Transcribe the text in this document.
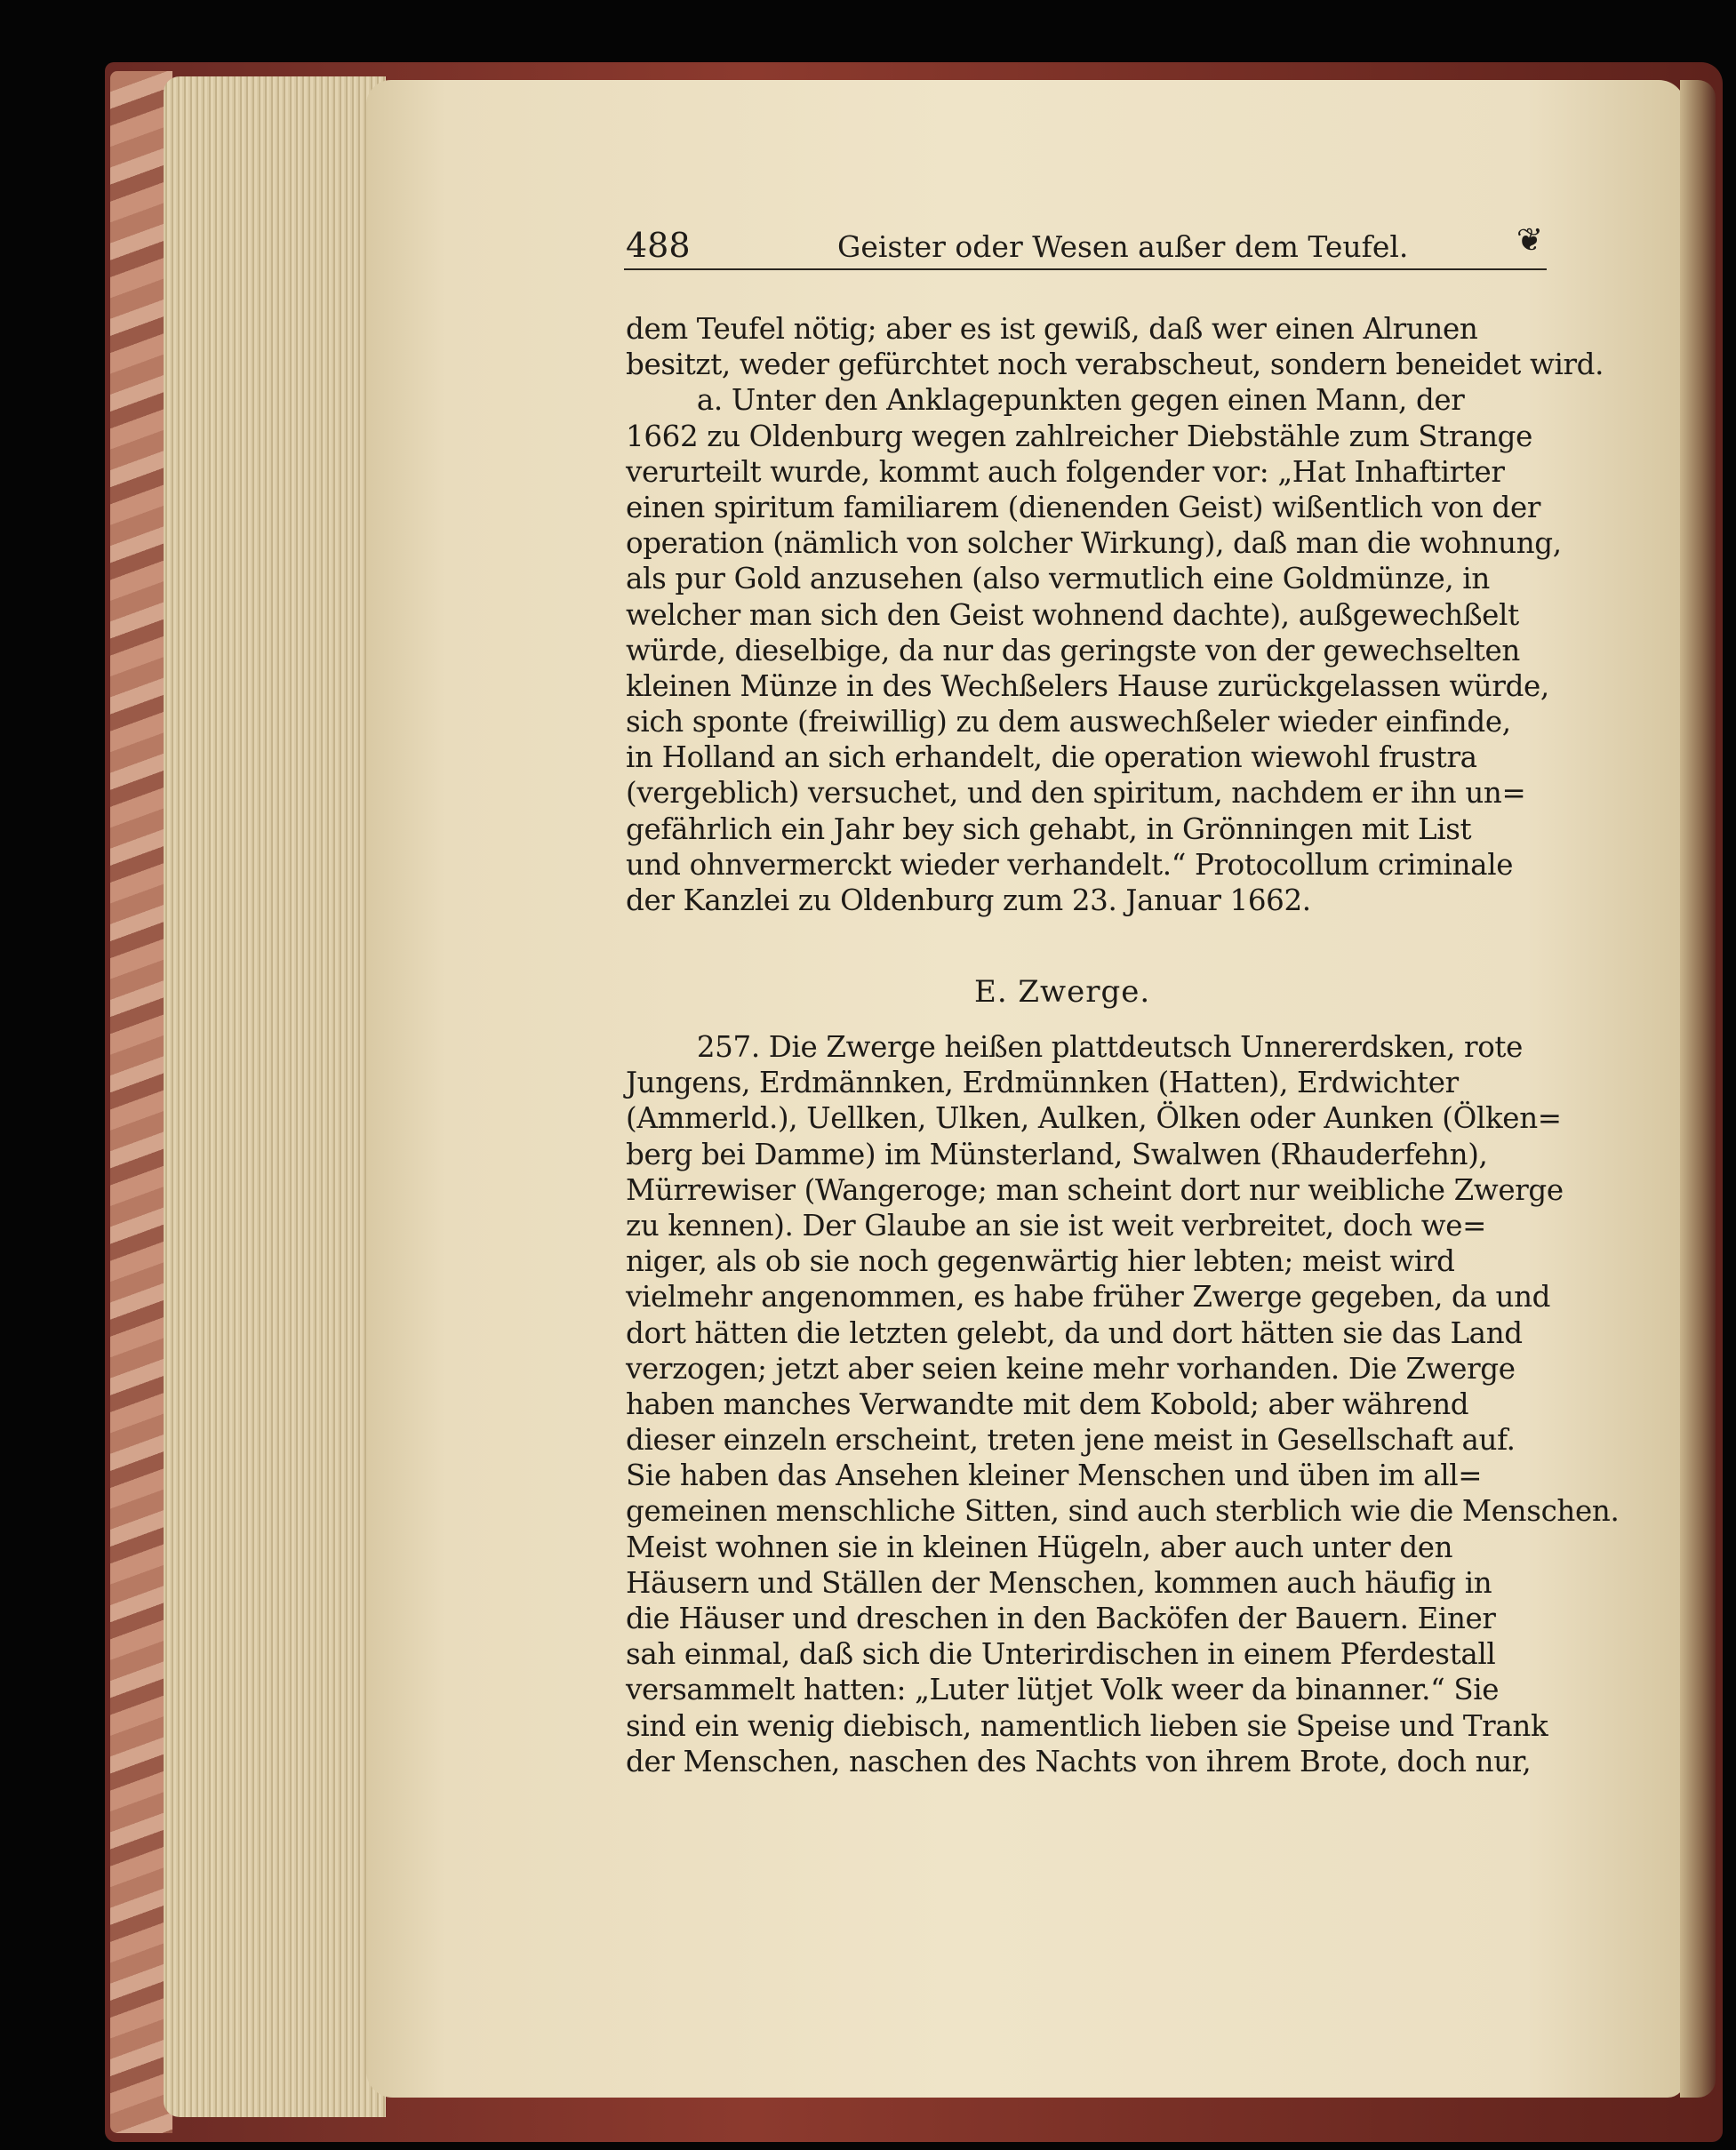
488	Geister oder Wesen außer dem Teufel.	❦
dem Teufel nötig; aber es ist gewiß, daß wer einen Alrunen
besitzt, weder gefürchtet noch verabscheut, sondern beneidet wird.
a. Unter den Anklagepunkten gegen einen Mann, der
1662 zu Oldenburg wegen zahlreicher Diebstähle zum Strange
verurteilt wurde, kommt auch folgender vor: „Hat Inhaftirter
einen spiritum familiarem (dienenden Geist) wißentlich von der
operation (nämlich von solcher Wirkung), daß man die wohnung,
als pur Gold anzusehen (also vermutlich eine Goldmünze, in
welcher man sich den Geist wohnend dachte), außgewechßelt
würde, dieselbige, da nur das geringste von der gewechselten
kleinen Münze in des Wechßelers Hause zurückgelassen würde,
sich sponte (freiwillig) zu dem auswechßeler wieder einfinde,
in Holland an sich erhandelt, die operation wiewohl frustra
(vergeblich) versuchet, und den spiritum, nachdem er ihn un=
gefährlich ein Jahr bey sich gehabt, in Grönningen mit List
und ohnvermerckt wieder verhandelt.“ Protocollum criminale
der Kanzlei zu Oldenburg zum 23. Januar 1662.
E. Zwerge.
257. Die Zwerge heißen plattdeutsch Unnererdsken, rote
Jungens, Erdmännken, Erdmünnken (Hatten), Erdwichter
(Ammerld.), Uellken, Ulken, Aulken, Ölken oder Aunken (Ölken=
berg bei Damme) im Münsterland, Swalwen (Rhauderfehn),
Mürrewiser (Wangeroge; man scheint dort nur weibliche Zwerge
zu kennen). Der Glaube an sie ist weit verbreitet, doch we=
niger, als ob sie noch gegenwärtig hier lebten; meist wird
vielmehr angenommen, es habe früher Zwerge gegeben, da und
dort hätten die letzten gelebt, da und dort hätten sie das Land
verzogen; jetzt aber seien keine mehr vorhanden. Die Zwerge
haben manches Verwandte mit dem Kobold; aber während
dieser einzeln erscheint, treten jene meist in Gesellschaft auf.
Sie haben das Ansehen kleiner Menschen und üben im all=
gemeinen menschliche Sitten, sind auch sterblich wie die Menschen.
Meist wohnen sie in kleinen Hügeln, aber auch unter den
Häusern und Ställen der Menschen, kommen auch häufig in
die Häuser und dreschen in den Backöfen der Bauern. Einer
sah einmal, daß sich die Unterirdischen in einem Pferdestall
versammelt hatten: „Luter lütjet Volk weer da binanner.“ Sie
sind ein wenig diebisch, namentlich lieben sie Speise und Trank
der Menschen, naschen des Nachts von ihrem Brote, doch nur,
